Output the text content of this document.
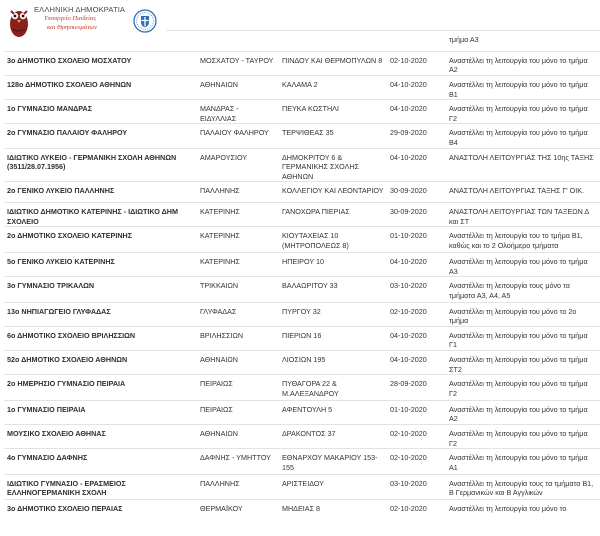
ΕΛΛΗΝΙΚΗ ΔΗΜΟΚΡΑΤΙΑ
Υπουργείο Παιδείας
και Θρησκευμάτων
				τμήμα Α3
3ο ΔΗΜΟΤΙΚΟ ΣΧΟΛΕΙΟ ΜΟΣΧΑΤΟΥ	ΜΟΣΧΑΤΟΥ - ΤΑΥΡΟΥ	ΠΙΝΔΟΥ ΚΑΙ ΘΕΡΜΟΠΥΛΩΝ 8	02-10-2020	Αναστέλλει τη λειτουργία του μόνο το τμήμα Α2
128ο ΔΗΜΟΤΙΚΟ ΣΧΟΛΕΙΟ ΑΘΗΝΩΝ	ΑΘΗΝΑΙΩΝ	ΚΑΛΑΜΑ 2	04-10-2020	Αναστέλλει τη λειτουργία του μόνο το τμήμα Β1
1ο ΓΥΜΝΑΣΙΟ ΜΑΝΔΡΑΣ	ΜΑΝΔΡΑΣ - ΕΙΔΥΛΛΙΑΣ	ΠΕΥΚΑ ΚΩΣΤΗΛΙ	04-10-2020	Αναστέλλει τη λειτουργία του μόνο το τμήμα Γ2
2ο ΓΥΜΝΑΣΙΟ ΠΑΛΑΙΟΥ ΦΑΛΗΡΟΥ	ΠΑΛΑΙΟΥ ΦΑΛΗΡΟΥ	ΤΕΡΨΙΘΕΑΣ 35	29-09-2020	Αναστέλλει τη λειτουργία του μόνο το τμήμα Β4
ΙΔΙΩΤΙΚΟ ΛΥΚΕΙΟ - ΓΕΡΜΑΝΙΚΗ ΣΧΟΛΗ ΑΘΗΝΩΝ (3511/28.07.1956)	ΑΜΑΡΟΥΣΙΟΥ	ΔΗΜΟΚΡΙΤΟΥ 6 & ΓΕΡΜΑΝΙΚΗΣ ΣΧΟΛΗΣ ΑΘΗΝΩΝ	04-10-2020	ΑΝΑΣΤΟΛΗ ΛΕΙΤΟΥΡΓΙΑΣ ΤΗΣ 10ης ΤΑΞΗΣ
2ο ΓΕΝΙΚΟ ΛΥΚΕΙΟ ΠΑΛΛΗΝΗΣ	ΠΑΛΛΗΝΗΣ	ΚΟΛΛΕΓΙΟΥ ΚΑΙ ΛΕΟΝΤΑΡΙΟΥ	30-09-2020	ΑΝΑΣΤΟΛΗ ΛΕΙΤΟΥΡΓΙΑΣ ΤΑΞΗΣ Γ' ΟΙΚ.
ΙΔΙΩΤΙΚΟ ΔΗΜΟΤΙΚΟ ΚΑΤΕΡΙΝΗΣ - ΙΔΙΩΤΙΚΟ ΔΗΜ ΣΧΟΛΕΙΟ	ΚΑΤΕΡΙΝΗΣ	ΓΑΝΟΧΩΡΑ ΠΙΕΡΙΑΣ	30-09-2020	ΑΝΑΣΤΟΛΗ ΛΕΙΤΟΥΡΓΙΑΣ ΤΩΝ ΤΑΞΕΩΝ Δ και ΣΤ
2ο ΔΗΜΟΤΙΚΟ ΣΧΟΛΕΙΟ ΚΑΤΕΡΙΝΗΣ	ΚΑΤΕΡΙΝΗΣ	ΚΙΟΥΤΑΧΕΙΑΣ 10 (ΜΗΤΡΟΠΟΛΕΩΣ 8)	01-10-2020	Αναστέλλει τη λειτουργία του το τμήμα Β1, καθώς και το 2 Ολοήμερο τμήματα
5ο ΓΕΝΙΚΟ ΛΥΚΕΙΟ ΚΑΤΕΡΙΝΗΣ	ΚΑΤΕΡΙΝΗΣ	ΗΠΕΙΡΟΥ 10	04-10-2020	Αναστέλλει τη λειτουργία του μόνο το τμήμα Α3
3ο ΓΥΜΝΑΣΙΟ ΤΡΙΚΑΛΩΝ	ΤΡΙΚΚΑΙΩΝ	ΒΑΛΑΩΡΙΤΟΥ 33	03-10-2020	Αναστέλλει τη λειτουργία τους μόνο τα τμήματα Α3, Α4, Α5
13ο ΝΗΠΙΑΓΩΓΕΙΟ ΓΛΥΦΑΔΑΣ	ΓΛΥΦΑΔΑΣ	ΠΥΡΓΟΥ 32	02-10-2020	Αναστέλλει τη λειτουργία του μόνο το 2ο τμήμα
6ο ΔΗΜΟΤΙΚΟ ΣΧΟΛΕΙΟ ΒΡΙΛΗΣΣΙΩΝ	ΒΡΙΛΗΣΣΙΩΝ	ΠΙΕΡΙΩΝ 16	04-10-2020	Αναστέλλει τη λειτουργία του μόνο το τμήμα Γ1
52ο ΔΗΜΟΤΙΚΟ ΣΧΟΛΕΙΟ ΑΘΗΝΩΝ	ΑΘΗΝΑΙΩΝ	ΛΙΟΣΙΩΝ 195	04-10-2020	Αναστέλλει τη λειτουργία του μόνο το τμήμα ΣΤ2
2ο ΗΜΕΡΗΣΙΟ ΓΥΜΝΑΣΙΟ ΠΕΙΡΑΙΑ	ΠΕΙΡΑΙΩΣ	ΠΥΘΑΓΟΡΑ 22 & Μ.ΑΛΕΞΑΝΔΡΟΥ	28-09-2020	Αναστέλλει τη λειτουργία του μόνο το τμήμα Γ2
1ο ΓΥΜΝΑΣΙΟ ΠΕΙΡΑΙΑ	ΠΕΙΡΑΙΩΣ	ΑΦΕΝΤΟΥΛΗ 5	01-10-2020	Αναστέλλει τη λειτουργία του μόνο το τμήμα Α2
ΜΟΥΣΙΚΟ ΣΧΟΛΕΙΟ ΑΘΗΝΑΣ	ΑΘΗΝΑΙΩΝ	ΔΡΑΚΟΝΤΟΣ 37	02-10-2020	Αναστέλλει τη λειτουργία του μόνο το τμήμα Γ2
4ο ΓΥΜΝΑΣΙΟ ΔΑΦΝΗΣ	ΔΑΦΝΗΣ - ΥΜΗΤΤΟΥ	ΕΘΝΑΡΧΟΥ ΜΑΚΑΡΙΟΥ 153-155	02-10-2020	Αναστέλλει τη λειτουργία του μόνο το τμήμα Α1
ΙΔΙΩΤΙΚΟ ΓΥΜΝΑΣΙΟ - ΕΡΑΣΜΕΙΟΣ ΕΛΛΗΝΟΓΕΡΜΑΝΙΚΗ ΣΧΟΛΗ	ΠΑΛΛΗΝΗΣ	ΑΡΙΣΤΕΙΔΟΥ	03-10-2020	Αναστέλλει τη λειτουργία τους τα τμήματα Β1, Β Γερμανικών και Β Αγγλικών
3ο ΔΗΜΟΤΙΚΟ ΣΧΟΛΕΙΟ ΠΕΡΑΙΑΣ	ΘΕΡΜΑΪΚΟΥ	ΜΗΔΕΙΑΣ 8	02-10-2020	Αναστέλλει τη λειτουργία του μόνο το
